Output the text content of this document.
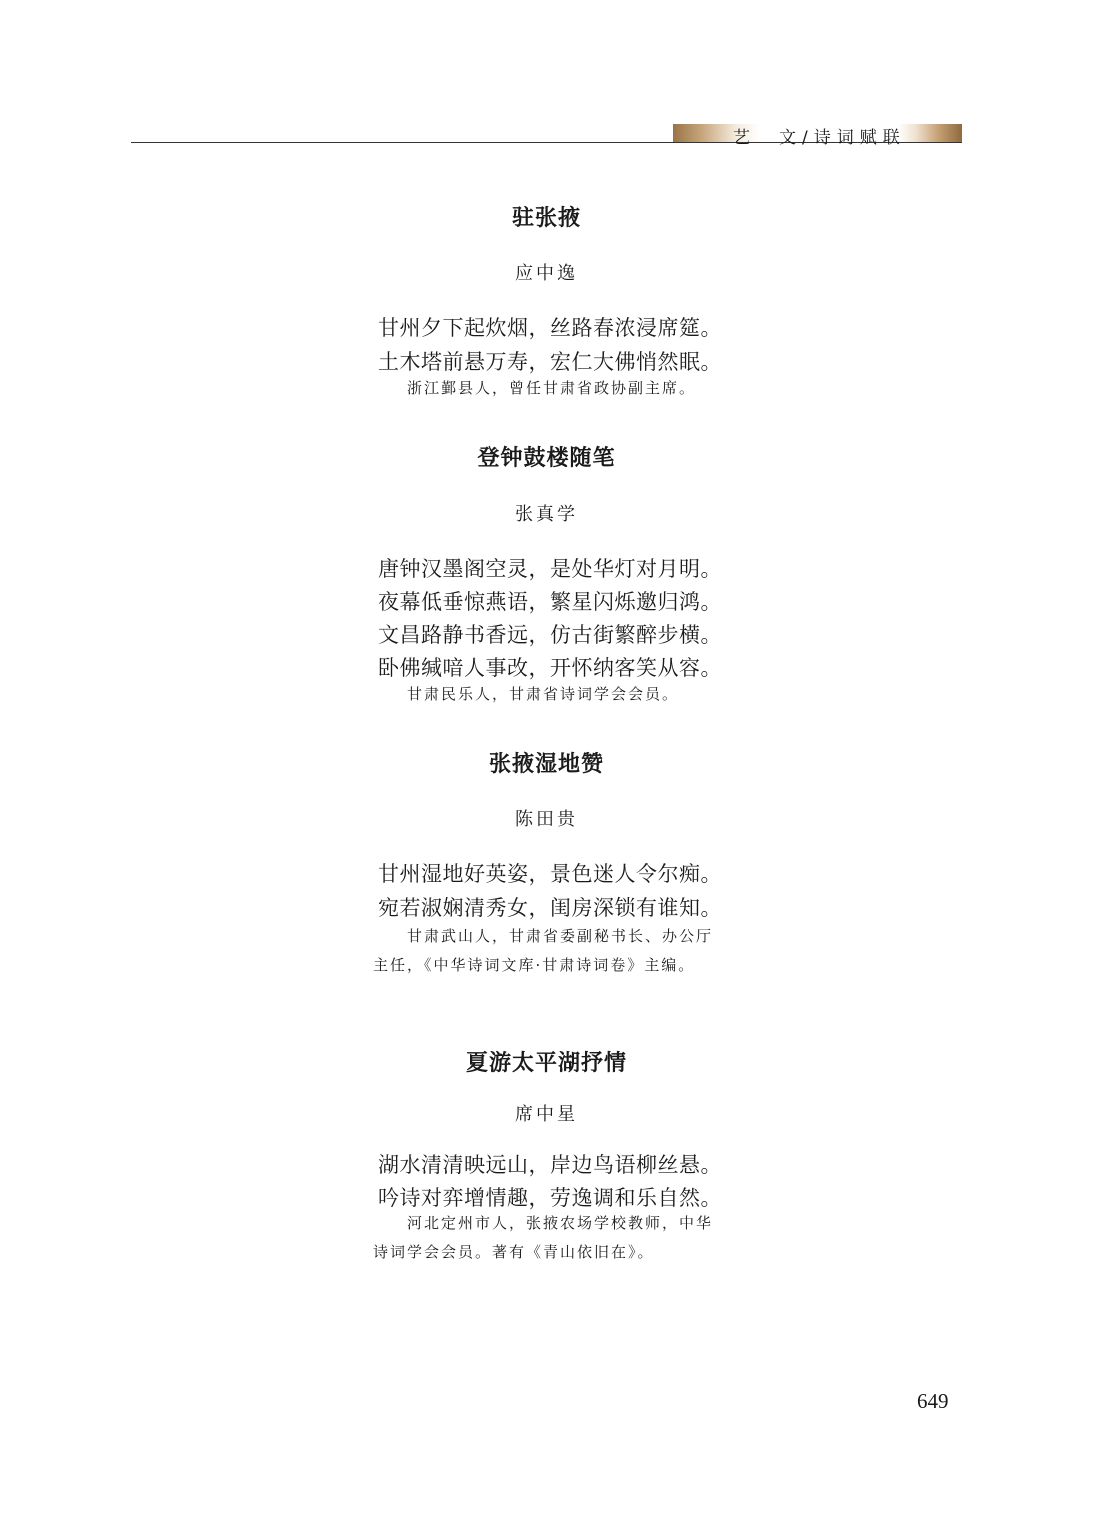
艺　文/诗词赋联
驻张掖
应中逸
甘州夕下起炊烟，丝路春浓浸席筵。
土木塔前悬万寿，宏仁大佛悄然眠。
浙江鄞县人，曾任甘肃省政协副主席。
登钟鼓楼随笔
张真学
唐钟汉墨阁空灵，是处华灯对月明。
夜幕低垂惊燕语，繁星闪烁邀归鸿。
文昌路静书香远，仿古街繁醉步横。
卧佛缄喑人事改，开怀纳客笑从容。
甘肃民乐人，甘肃省诗词学会会员。
张掖湿地赞
陈田贵
甘州湿地好英姿，景色迷人令尔痴。
宛若淑娴清秀女，闺房深锁有谁知。
甘肃武山人，甘肃省委副秘书长、办公厅主任，《中华诗词文库·甘肃诗词卷》主编。
夏游太平湖抒情
席中星
湖水清清映远山，岸边鸟语柳丝悬。
吟诗对弈增情趣，劳逸调和乐自然。
河北定州市人，张掖农场学校教师，中华诗词学会会员。著有《青山依旧在》。
649
